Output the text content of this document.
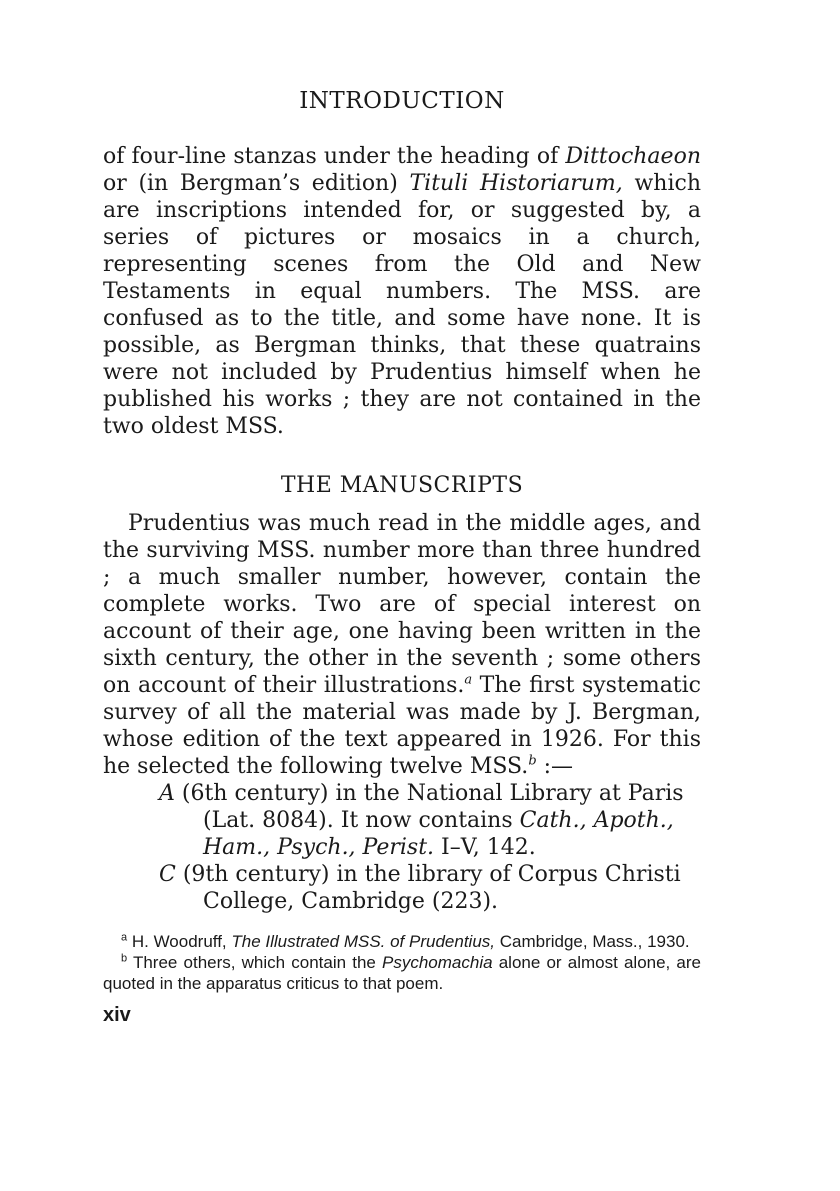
INTRODUCTION

of four-line stanzas under the heading of Dittochaeon or (in Bergman’s edition) Tituli Historiarum, which are inscriptions intended for, or suggested by, a series of pictures or mosaics in a church, representing scenes from the Old and New Testaments in equal numbers. The MSS. are confused as to the title, and some have none. It is possible, as Bergman thinks, that these quatrains were not included by Prudentius himself when he published his works ; they are not contained in the two oldest MSS.

THE MANUSCRIPTS

Prudentius was much read in the middle ages, and the surviving MSS. number more than three hundred ; a much smaller number, however, contain the complete works. Two are of special interest on account of their age, one having been written in the sixth century, the other in the seventh ; some others on account of their illustrations.$^a$ The first systematic survey of all the material was made by J. Bergman, whose edition of the text appeared in 1926. For this he selected the following twelve MSS.$^b$ :—

A (6th century) in the National Library at Paris (Lat. 8084). It now contains Cath., Apoth., Ham., Psych., Perist. I–V, 142.
C (9th century) in the library of Corpus Christi College, Cambridge (223).

$^a$ H. Woodruff, The Illustrated MSS. of Prudentius, Cambridge, Mass., 1930.

$^b$ Three others, which contain the Psychomachia alone or almost alone, are quoted in the apparatus criticus to that poem.

xiv
